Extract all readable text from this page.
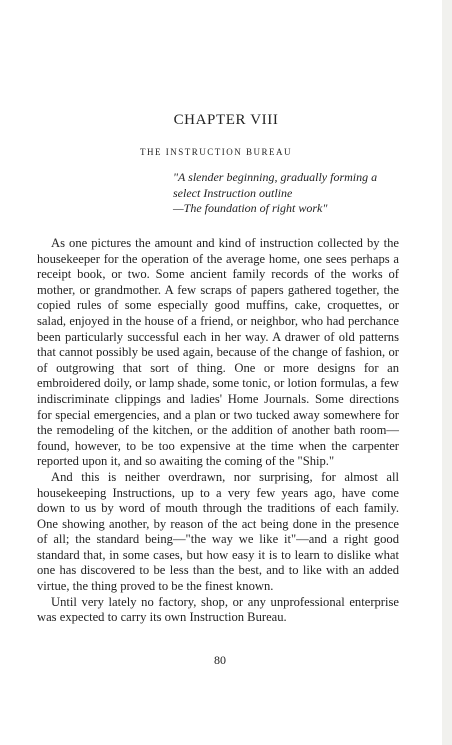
CHAPTER VIII
THE INSTRUCTION BUREAU
"A slender beginning, gradually forming a
select Instruction outline
—The foundation of right work"

As one pictures the amount and kind of instruction collected by the housekeeper for the operation of the average home, one sees perhaps a receipt book, or two. Some ancient family records of the works of mother, or grandmother. A few scraps of papers gathered together, the copied rules of some especially good muffins, cake, croquettes, or salad, enjoyed in the house of a friend, or neighbor, who had perchance been particularly successful each in her way. A drawer of old patterns that cannot possibly be used again, because of the change of fashion, or of outgrowing that sort of thing. One or more designs for an embroidered doily, or lamp shade, some tonic, or lotion formulas, a few indiscriminate clippings and ladies' Home Journals. Some directions for special emergencies, and a plan or two tucked away somewhere for the remodeling of the kitchen, or the addition of another bath room—found, however, to be too expensive at the time when the carpenter reported upon it, and so awaiting the coming of the "Ship."

And this is neither overdrawn, nor surprising, for almost all housekeeping Instructions, up to a very few years ago, have come down to us by word of mouth through the traditions of each family. One showing another, by reason of the act being done in the presence of all; the standard being—"the way we like it"—and a right good standard that, in some cases, but how easy it is to learn to dislike what one has discovered to be less than the best, and to like with an added virtue, the thing proved to be the finest known.

Until very lately no factory, shop, or any unprofessional enterprise was expected to carry its own Instruction Bureau.

80
